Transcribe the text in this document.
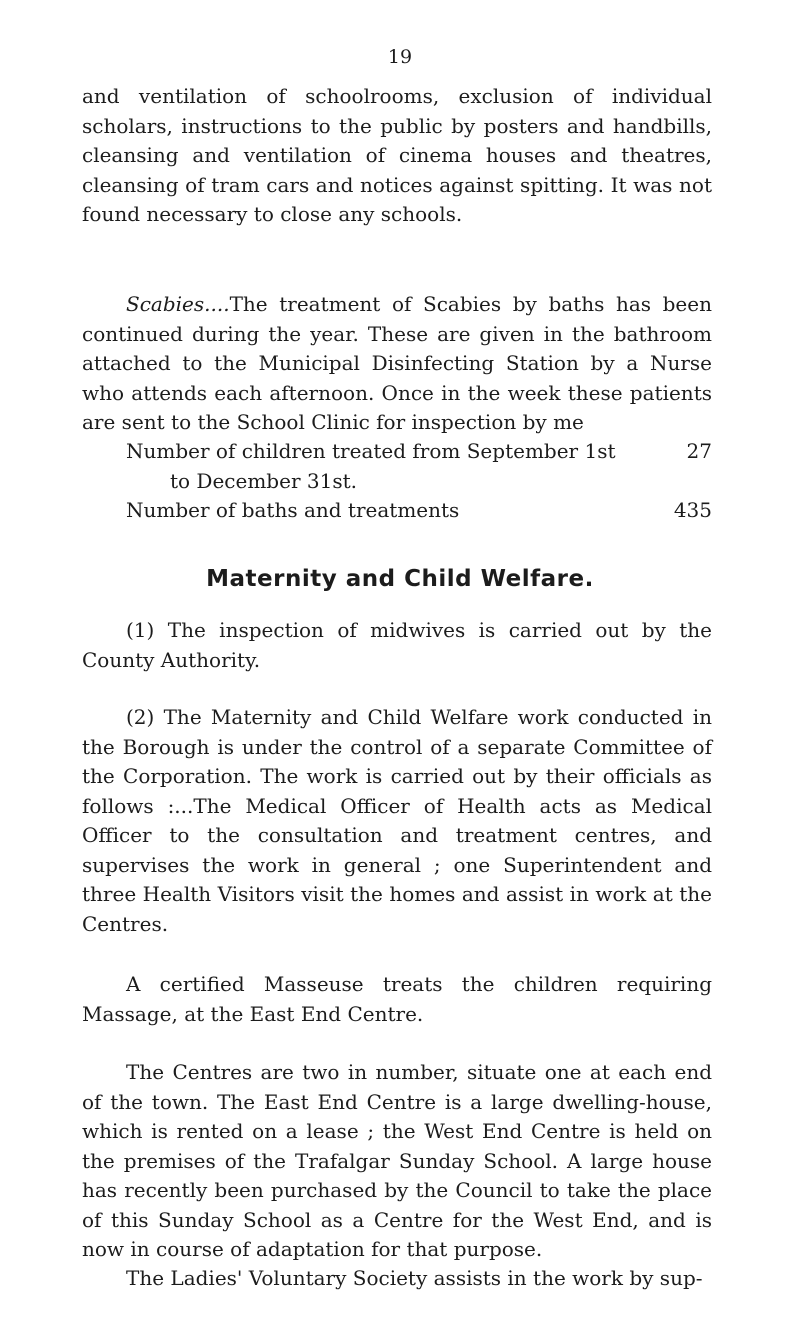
19

and ventilation of schoolrooms, exclusion of individual scholars, instructions to the public by posters and handbills, cleansing and ventilation of cinema houses and theatres, cleansing of tram cars and notices against spitting. It was not found necessary to close any schools.

Scabies....The treatment of Scabies by baths has been continued during the year. These are given in the bathroom attached to the Municipal Disinfecting Station by a Nurse who attends each afternoon. Once in the week these patients are sent to the School Clinic for inspection by me

Number of children treated from September 1st
to December 31st.
27
Number of baths and treatments	435
Maternity and Child Welfare.

(1) The inspection of midwives is carried out by the County Authority.

(2) The Maternity and Child Welfare work conducted in the Borough is under the control of a separate Committee of the Corporation. The work is carried out by their officials as follows :...The Medical Officer of Health acts as Medical Officer to the consultation and treatment centres, and supervises the work in general ; one Superintendent and three Health Visitors visit the homes and assist in work at the Centres.

A certified Masseuse treats the children requiring Massage, at the East End Centre.

The Centres are two in number, situate one at each end of the town. The East End Centre is a large dwelling-house, which is rented on a lease ; the West End Centre is held on the premises of the Trafalgar Sunday School. A large house has recently been purchased by the Council to take the place of this Sunday School as a Centre for the West End, and is now in course of adaptation for that purpose.

The Ladies' Voluntary Society assists in the work by sup-
